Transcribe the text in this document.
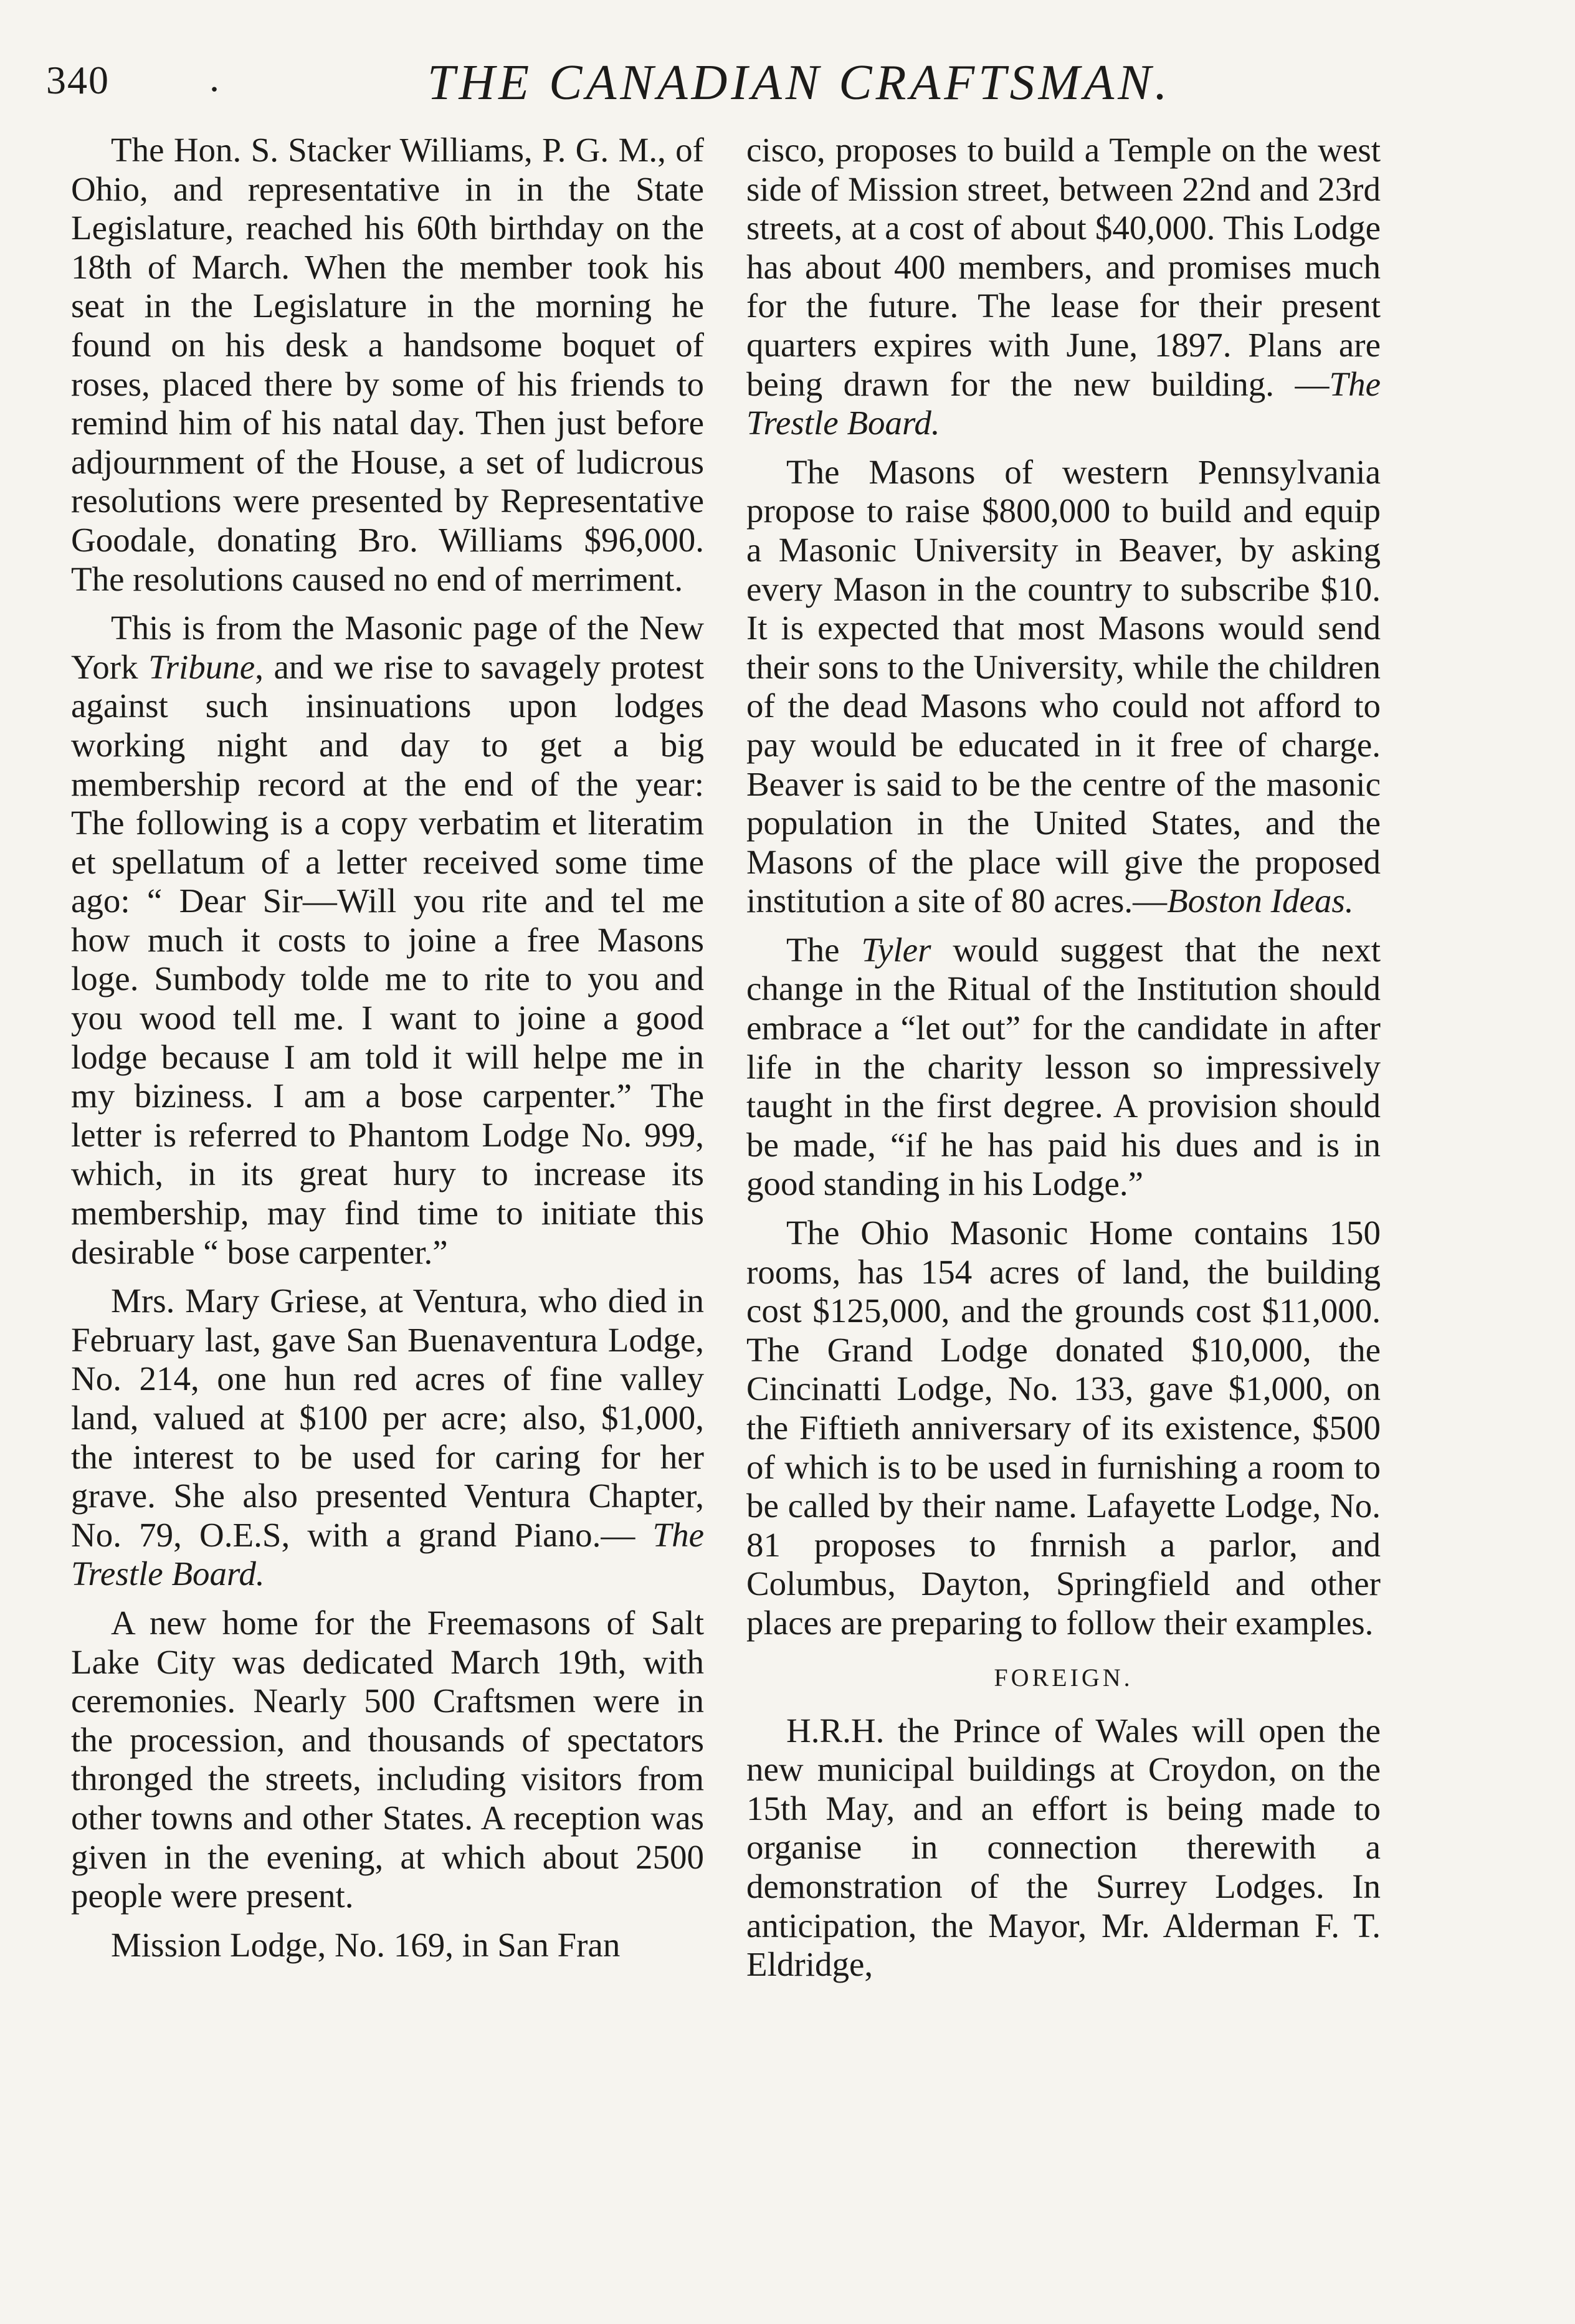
340	.	THE CANADIAN CRAFTSMAN.

The Hon. S. Stacker Williams, P. G. M., of Ohio, and representative in in the State Legislature, reached his 60th birthday on the 18th of March. When the member took his seat in the Legislature in the morning he found on his desk a handsome boquet of roses, placed there by some of his friends to remind him of his natal day. Then just before adjournment of the House, a set of ludicrous resolutions were presented by Representative Goodale, donating Bro. Williams $96,000. The resolutions caused no end of merriment.

This is from the Masonic page of the New York Tribune, and we rise to savagely protest against such insinuations upon lodges working night and day to get a big membership record at the end of the year: The following is a copy verbatim et literatim et spellatum of a letter received some time ago: “ Dear Sir—Will you rite and tel me how much it costs to joine a free Masons loge. Sumbody tolde me to rite to you and you wood tell me. I want to joine a good lodge because I am told it will helpe me in my biziness. I am a bose carpenter.” The letter is referred to Phantom Lodge No. 999, which, in its great hury to increase its membership, may find time to initiate this desirable “ bose carpenter.”

Mrs. Mary Griese, at Ventura, who died in February last, gave San Buenaventura Lodge, No. 214, one hun red acres of fine valley land, valued at $100 per acre; also, $1,000, the interest to be used for caring for her grave. She also presented Ventura Chapter, No. 79, O.E.S, with a grand Piano.— The Trestle Board.

A new home for the Freemasons of Salt Lake City was dedicated March 19th, with ceremonies. Nearly 500 Craftsmen were in the procession, and thousands of spectators thronged the streets, including visitors from other towns and other States. A reception was given in the evening, at which about 2500 people were present.

Mission Lodge, No. 169, in San Fran

cisco, proposes to build a Temple on the west side of Mission street, between 22nd and 23rd streets, at a cost of about $40,000. This Lodge has about 400 members, and promises much for the future. The lease for their present quarters expires with June, 1897. Plans are being drawn for the new building. —The Trestle Board.

The Masons of western Pennsylvania propose to raise $800,000 to build and equip a Masonic University in Beaver, by asking every Mason in the country to subscribe $10. It is expected that most Masons would send their sons to the University, while the children of the dead Masons who could not afford to pay would be educated in it free of charge. Beaver is said to be the centre of the masonic population in the United States, and the Masons of the place will give the proposed institution a site of 80 acres.—Boston Ideas.

The Tyler would suggest that the next change in the Ritual of the Institution should embrace a “let out” for the candidate in after life in the charity lesson so impressively taught in the first degree. A provision should be made, “if he has paid his dues and is in good standing in his Lodge.”

The Ohio Masonic Home contains 150 rooms, has 154 acres of land, the building cost $125,000, and the grounds cost $11,000. The Grand Lodge donated $10,000, the Cincinatti Lodge, No. 133, gave $1,000, on the Fiftieth anniversary of its existence, $500 of which is to be used in furnishing a room to be called by their name. Lafayette Lodge, No. 81 proposes to fnrnish a parlor, and Columbus, Dayton, Springfield and other places are preparing to follow their examples.

FOREIGN.

H.R.H. the Prince of Wales will open the new municipal buildings at Croydon, on the 15th May, and an effort is being made to organise in connection therewith a demonstration of the Surrey Lodges. In anticipation, the Mayor, Mr. Alderman F. T. Eldridge,
